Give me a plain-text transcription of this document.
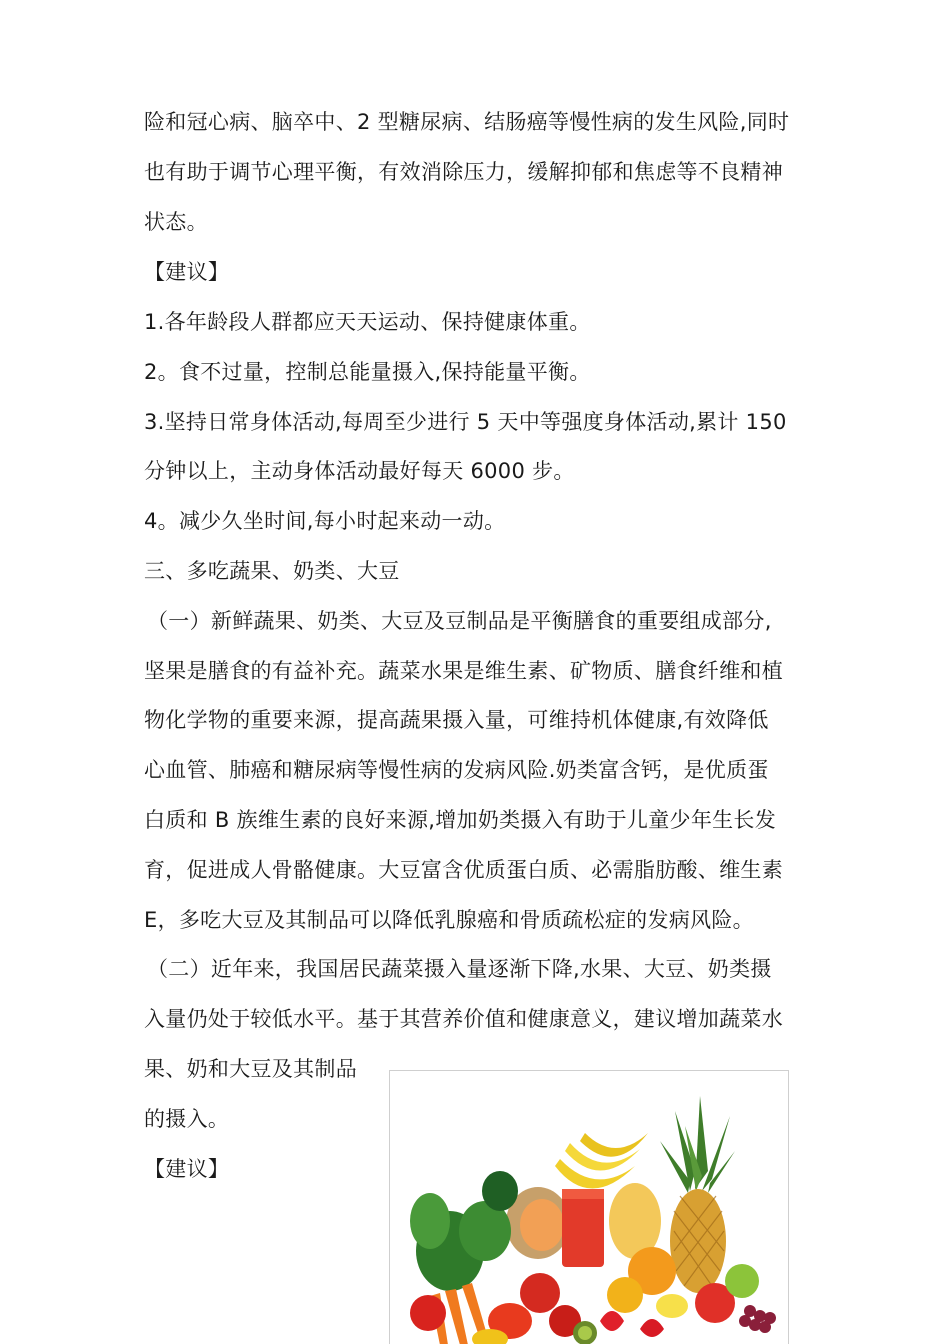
险和冠心病、脑卒中、2 型糖尿病、结肠癌等慢性病的发生风险,同时
也有助于调节心理平衡，有效消除压力，缓解抑郁和焦虑等不良精神
状态。
【建议】
1.各年龄段人群都应天天运动、保持健康体重。
2。食不过量，控制总能量摄入,保持能量平衡。
3.坚持日常身体活动,每周至少进行 5 天中等强度身体活动,累计 150
分钟以上，主动身体活动最好每天 6000 步。
4。减少久坐时间,每小时起来动一动。
三、多吃蔬果、奶类、大豆
（一）新鲜蔬果、奶类、大豆及豆制品是平衡膳食的重要组成部分,
坚果是膳食的有益补充。蔬菜水果是维生素、矿物质、膳食纤维和植
物化学物的重要来源，提高蔬果摄入量，可维持机体健康,有效降低
心血管、肺癌和糖尿病等慢性病的发病风险.奶类富含钙，是优质蛋
白质和 B 族维生素的良好来源,增加奶类摄入有助于儿童少年生长发
育，促进成人骨骼健康。大豆富含优质蛋白质、必需脂肪酸、维生素
E，多吃大豆及其制品可以降低乳腺癌和骨质疏松症的发病风险。
（二）近年来，我国居民蔬菜摄入量逐渐下降,水果、大豆、奶类摄
入量仍处于较低水平。基于其营养价值和健康意义，建议增加蔬菜水
果、奶和大豆及其制品
的摄入。
【建议】
